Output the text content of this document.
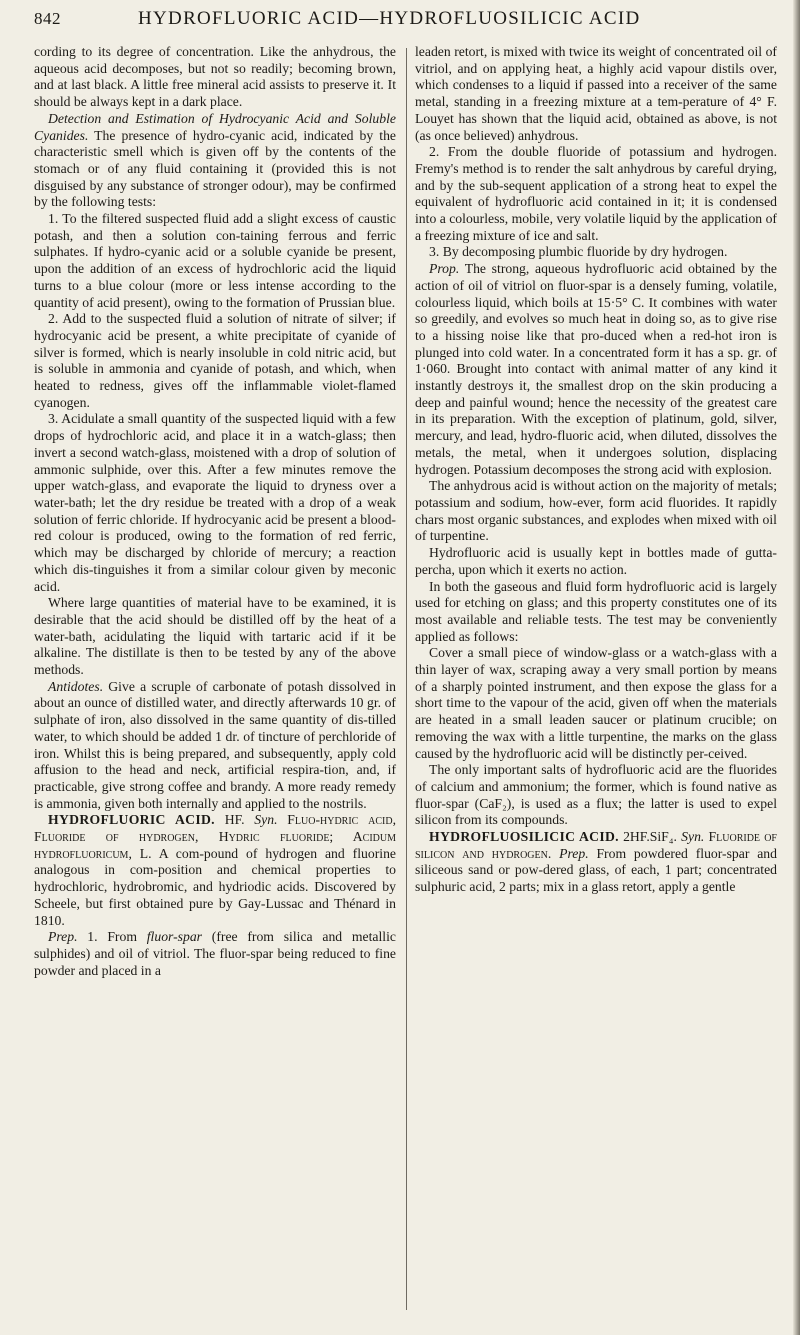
842	HYDROFLUORIC ACID—HYDROFLUOSILICIC ACID

cording to its degree of concentration. Like the anhydrous, the aqueous acid decomposes, but not so readily; becoming brown, and at last black. A little free mineral acid assists to preserve it. It should be always kept in a dark place.

Detection and Estimation of Hydrocyanic Acid and Soluble Cyanides. The presence of hydro-cyanic acid, indicated by the characteristic smell which is given off by the contents of the stomach or of any fluid containing it (provided this is not disguised by any substance of stronger odour), may be confirmed by the following tests:

1. To the filtered suspected fluid add a slight excess of caustic potash, and then a solution con-taining ferrous and ferric sulphates. If hydro-cyanic acid or a soluble cyanide be present, upon the addition of an excess of hydrochloric acid the liquid turns to a blue colour (more or less intense according to the quantity of acid present), owing to the formation of Prussian blue.

2. Add to the suspected fluid a solution of nitrate of silver; if hydrocyanic acid be present, a white precipitate of cyanide of silver is formed, which is nearly insoluble in cold nitric acid, but is soluble in ammonia and cyanide of potash, and which, when heated to redness, gives off the inflammable violet-flamed cyanogen.

3. Acidulate a small quantity of the suspected liquid with a few drops of hydrochloric acid, and place it in a watch-glass; then invert a second watch-glass, moistened with a drop of solution of ammonic sulphide, over this. After a few minutes remove the upper watch-glass, and evaporate the liquid to dryness over a water-bath; let the dry residue be treated with a drop of a weak solution of ferric chloride. If hydrocyanic acid be present a blood-red colour is produced, owing to the formation of red ferric, which may be discharged by chloride of mercury; a reaction which dis-tinguishes it from a similar colour given by meconic acid.

Where large quantities of material have to be examined, it is desirable that the acid should be distilled off by the heat of a water-bath, acidulating the liquid with tartaric acid if it be alkaline. The distillate is then to be tested by any of the above methods.

Antidotes. Give a scruple of carbonate of potash dissolved in about an ounce of distilled water, and directly afterwards 10 gr. of sulphate of iron, also dissolved in the same quantity of dis-tilled water, to which should be added 1 dr. of tincture of perchloride of iron. Whilst this is being prepared, and subsequently, apply cold affusion to the head and neck, artificial respira-tion, and, if practicable, give strong coffee and brandy. A more ready remedy is ammonia, given both internally and applied to the nostrils.

HYDROFLUORIC ACID. HF. Syn. Fluo-hydric acid, Fluoride of hydrogen, Hydric fluoride; Acidum hydrofluoricum, L. A com-pound of hydrogen and fluorine analogous in com-position and chemical properties to hydrochloric, hydrobromic, and hydriodic acids. Discovered by Scheele, but first obtained pure by Gay-Lussac and Thénard in 1810.

Prep. 1. From fluor-spar (free from silica and metallic sulphides) and oil of vitriol. The fluor-spar being reduced to fine powder and placed in a

leaden retort, is mixed with twice its weight of concentrated oil of vitriol, and on applying heat, a highly acid vapour distils over, which condenses to a liquid if passed into a receiver of the same metal, standing in a freezing mixture at a tem-perature of 4° F. Louyet has shown that the liquid acid, obtained as above, is not (as once believed) anhydrous.

2. From the double fluoride of potassium and hydrogen. Fremy's method is to render the salt anhydrous by careful drying, and by the sub-sequent application of a strong heat to expel the equivalent of hydrofluoric acid contained in it; it is condensed into a colourless, mobile, very volatile liquid by the application of a freezing mixture of ice and salt.

3. By decomposing plumbic fluoride by dry hydrogen.

Prop. The strong, aqueous hydrofluoric acid obtained by the action of oil of vitriol on fluor-spar is a densely fuming, volatile, colourless liquid, which boils at 15·5° C. It combines with water so greedily, and evolves so much heat in doing so, as to give rise to a hissing noise like that pro-duced when a red-hot iron is plunged into cold water. In a concentrated form it has a sp. gr. of 1·060. Brought into contact with animal matter of any kind it instantly destroys it, the smallest drop on the skin producing a deep and painful wound; hence the necessity of the greatest care in its preparation. With the exception of platinum, gold, silver, mercury, and lead, hydro-fluoric acid, when diluted, dissolves the metals, the metal, when it undergoes solution, displacing hydrogen. Potassium decomposes the strong acid with explosion.

The anhydrous acid is without action on the majority of metals; potassium and sodium, how-ever, form acid fluorides. It rapidly chars most organic substances, and explodes when mixed with oil of turpentine.

Hydrofluoric acid is usually kept in bottles made of gutta-percha, upon which it exerts no action.

In both the gaseous and fluid form hydrofluoric acid is largely used for etching on glass; and this property constitutes one of its most available and reliable tests. The test may be conveniently applied as follows:

Cover a small piece of window-glass or a watch-glass with a thin layer of wax, scraping away a very small portion by means of a sharply pointed instrument, and then expose the glass for a short time to the vapour of the acid, given off when the materials are heated in a small leaden saucer or platinum crucible; on removing the wax with a little turpentine, the marks on the glass caused by the hydrofluoric acid will be distinctly per-ceived.

The only important salts of hydrofluoric acid are the fluorides of calcium and ammonium; the former, which is found native as fluor-spar (CaF₂), is used as a flux; the latter is used to expel silicon from its compounds.

HYDROFLUOSILICIC ACID. 2HF.SiF₄. Syn. Fluoride of silicon and hydrogen. Prep. From powdered fluor-spar and siliceous sand or pow-dered glass, of each, 1 part; concentrated sulphuric acid, 2 parts; mix in a glass retort, apply a gentle
